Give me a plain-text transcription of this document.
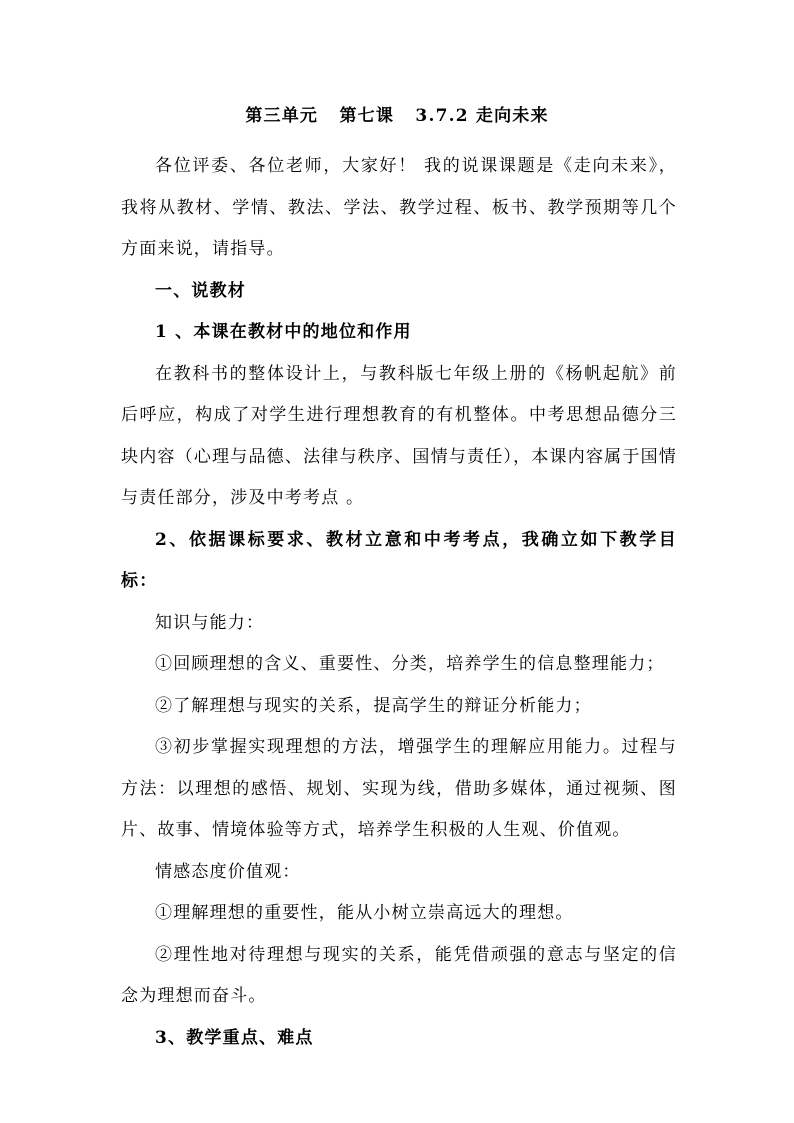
第三单元   第七课   3.7.2 走向未来

各位评委、各位老师，大家好！ 我的说课课题是《走向未来》，我将从教材、学情、教法、学法、教学过程、板书、教学预期等几个方面来说，请指导。

一、说教材

1 、本课在教材中的地位和作用

在教科书的整体设计上，与教科版七年级上册的《杨帆起航》前后呼应，构成了对学生进行理想教育的有机整体。中考思想品德分三块内容（心理与品德、法律与秩序、国情与责任），本课内容属于国情与责任部分，涉及中考考点 。

2、依据课标要求、教材立意和中考考点，我确立如下教学目标：

知识与能力：

①回顾理想的含义、重要性、分类，培养学生的信息整理能力；

②了解理想与现实的关系，提高学生的辩证分析能力；

③初步掌握实现理想的方法，增强学生的理解应用能力。过程与方法：以理想的感悟、规划、实现为线，借助多媒体，通过视频、图片、故事、情境体验等方式，培养学生积极的人生观、价值观。

情感态度价值观：

①理解理想的重要性，能从小树立崇高远大的理想。

②理性地对待理想与现实的关系，能凭借顽强的意志与坚定的信念为理想而奋斗。

3、教学重点、难点
